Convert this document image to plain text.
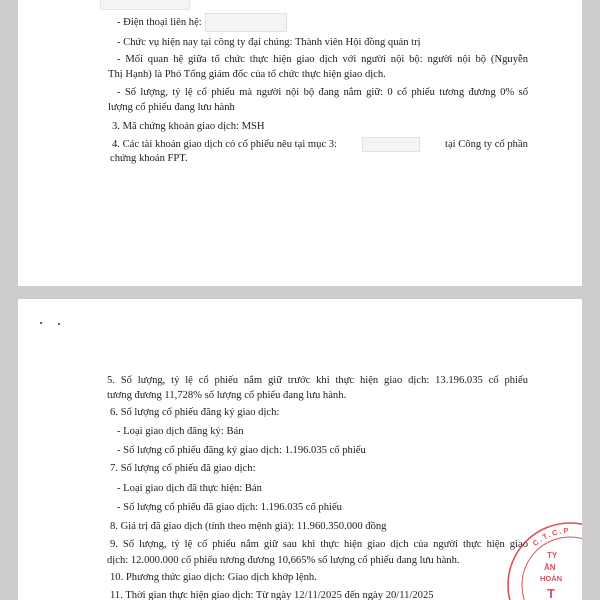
- Điện thoại liên hệ:
- Chức vụ hiện nay tại công ty đại chúng: Thành viên Hội đồng quản trị
- Mối quan hệ giữa tổ chức thực hiện giao dịch với người nội bộ: người nội bộ (Nguyễn
Thị Hạnh) là Phó Tổng giám đốc của tổ chức thực hiện giao dịch.
- Số lượng, tỷ lệ cổ phiếu mà người nội bộ đang nắm giữ: 0 cổ phiếu tương đương 0% số
lượng cổ phiếu đang lưu hành
3. Mã chứng khoán giao dịch: MSH
4. Các tài khoản giao dịch có cổ phiếu nêu tại mục 3:	tại Công ty cổ phần
chứng khoán FPT.
5. Số lượng, tỷ lệ cổ phiếu nắm giữ trước khi thực hiện giao dịch: 13.196.035 cổ phiếu
tương đương 11,728% số lượng cổ phiếu đang lưu hành.
6. Số lượng cổ phiếu đăng ký giao dịch:
- Loại giao dịch đăng ký: Bán
- Số lượng cổ phiếu đăng ký giao dịch: 1.196.035 cổ phiếu
7. Số lượng cổ phiếu đã giao dịch:
- Loại giao dịch đã thực hiện: Bán
- Số lượng cổ phiếu đã giao dịch: 1.196.035 cổ phiếu
8. Giá trị đã giao dịch (tính theo mệnh giá): 11.960.350.000 đồng
9. Số lượng, tỷ lệ cổ phiếu nắm giữ sau khi thực hiện giao dịch của người thực hiện giao
dịch: 12.000.000 cổ phiếu tương đương 10,665% số lượng cổ phiếu đang lưu hành.
10. Phương thức giao dịch: Giao dịch khớp lệnh.
11. Thời gian thực hiện giao dịch: Từ ngày 12/11/2025 đến ngày 20/11/2025
C.T.C.P
TY
ẦN
HOÁN
T
